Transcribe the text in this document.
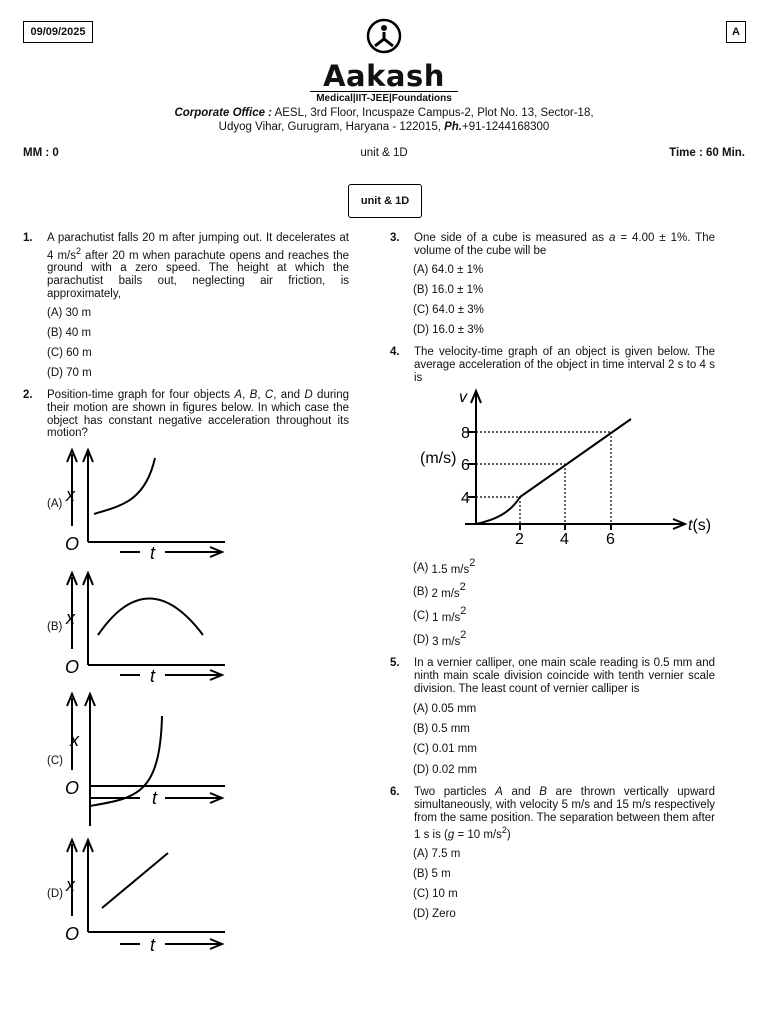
09/09/2025	A
Aakash
Medical|IIT-JEE|Foundations
Corporate Office : AESL, 3rd Floor, Incuspaze Campus-2, Plot No. 13, Sector-18,
Udyog Vihar, Gurugram, Haryana - 122015, Ph.+91-1244168300
MM : 0	unit & 1D	Time : 60 Min.
unit & 1D
1. A parachutist falls 20 m after jumping out. It decelerates at 4 $m/s^2$ after 20 m when parachute opens and reaches the ground with a zero speed. The height at which the parachutist bails out, neglecting air friction, is approximately,
(A) 30 m
(B) 40 m
(C) 60 m
(D) 70 m
2. Position-time graph for four objects A, B, C, and D during their motion are shown in figures below. In which case the object has constant negative acceleration throughout its motion?
(A)
(B)
(C)
(D)
x
O	t
x
O	t
x
O	t
x
O
t
3. One side of a cube is measured as a = 4.00 ± 1%. The volume of the cube will be
(A) 64.0 ± 1%
(B) 16.0 ± 1%
(C) 64.0 ± 3%
(D) 16.0 ± 3%
4. The velocity-time graph of an object is given below. The average acceleration of the object in time interval 2 s to 4 s is
v
(m/s)
8
6
4
2 4 6
t(s)
(A) 1.5 $m/s^2$
(B) 2 $m/s^2$
(C) 1 $m/s^2$
(D) 3 $m/s^2$
5. In a vernier calliper, one main scale reading is 0.5 mm and ninth main scale division coincide with tenth vernier scale division. The least count of vernier calliper is
(A) 0.05 mm
(B) 0.5 mm
(C) 0.01 mm
(D) 0.02 mm
6. Two particles A and B are thrown vertically upward simultaneously, with velocity 5 m/s and 15 m/s respectively from the same position. The separation between them after 1 s is (g = 10 $m/s^2$)
(A) 7.5 m
(B) 5 m
(C) 10 m
(D) Zero
